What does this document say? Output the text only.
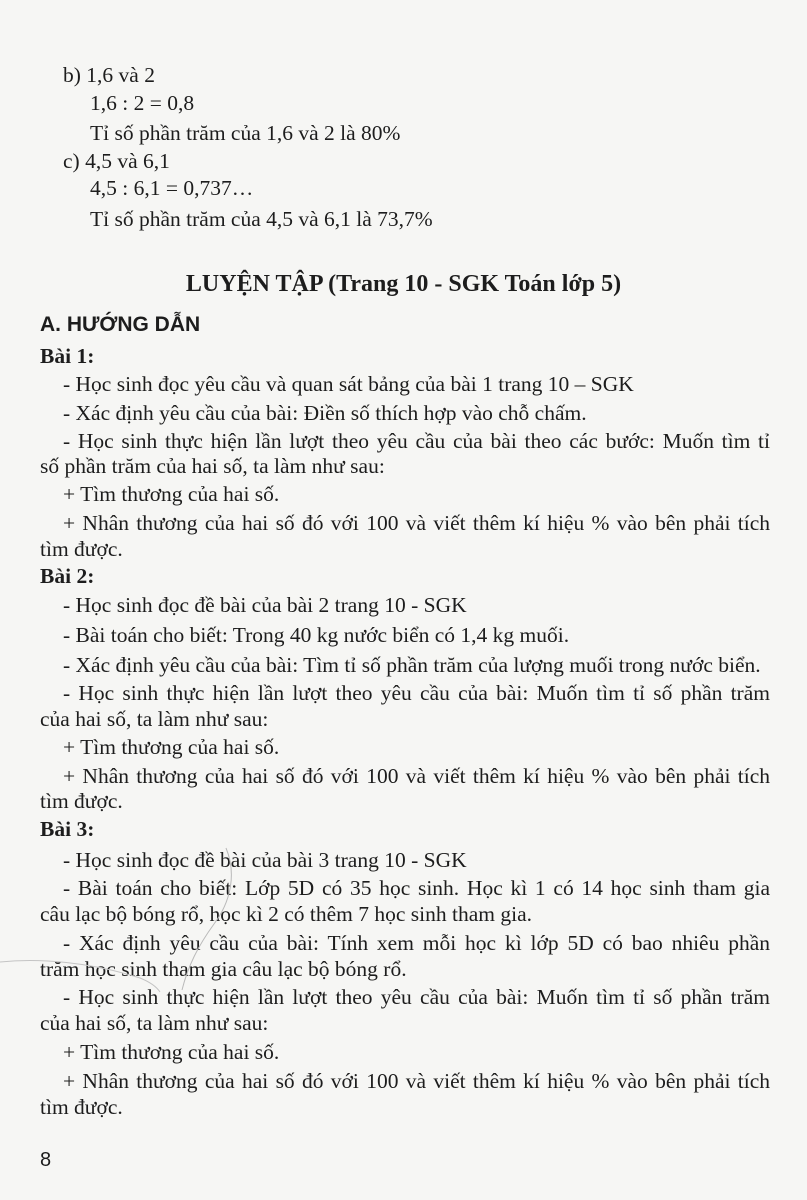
b) 1,6 và 2
1,6 : 2 = 0,8
Tỉ số phần trăm của 1,6 và 2 là 80%
c) 4,5 và 6,1
4,5 : 6,1 = 0,737…
Tỉ số phần trăm của 4,5 và 6,1 là 73,7%
LUYỆN TẬP (Trang 10 - SGK Toán lớp 5)
A. HƯỚNG DẪN
Bài 1:
- Học sinh đọc yêu cầu và quan sát bảng của bài 1 trang 10 – SGK
- Xác định yêu cầu của bài: Điền số thích hợp vào chỗ chấm.
- Học sinh thực hiện lần lượt theo yêu cầu của bài theo các bước: Muốn tìm tỉ
số phần trăm của hai số, ta làm như sau:
+ Tìm thương của hai số.
+ Nhân thương của hai số đó với 100 và viết thêm kí hiệu % vào bên phải tích
tìm được.
Bài 2:
- Học sinh đọc đề bài của bài 2 trang 10 - SGK
- Bài toán cho biết: Trong 40 kg nước biển có 1,4 kg muối.
- Xác định yêu cầu của bài: Tìm tỉ số phần trăm của lượng muối trong nước biển.
- Học sinh thực hiện lần lượt theo yêu cầu của bài: Muốn tìm tỉ số phần trăm
của hai số, ta làm như sau:
+ Tìm thương của hai số.
+ Nhân thương của hai số đó với 100 và viết thêm kí hiệu % vào bên phải tích
tìm được.
Bài 3:
- Học sinh đọc đề bài của bài 3 trang 10 - SGK
- Bài toán cho biết: Lớp 5D có 35 học sinh. Học kì 1 có 14 học sinh tham gia
câu lạc bộ bóng rổ, học kì 2 có thêm 7 học sinh tham gia.
- Xác định yêu cầu của bài: Tính xem mỗi học kì lớp 5D có bao nhiêu phần
trăm học sinh tham gia câu lạc bộ bóng rổ.
- Học sinh thực hiện lần lượt theo yêu cầu của bài: Muốn tìm tỉ số phần trăm
của hai số, ta làm như sau:
+ Tìm thương của hai số.
+ Nhân thương của hai số đó với 100 và viết thêm kí hiệu % vào bên phải tích
tìm được.
8
